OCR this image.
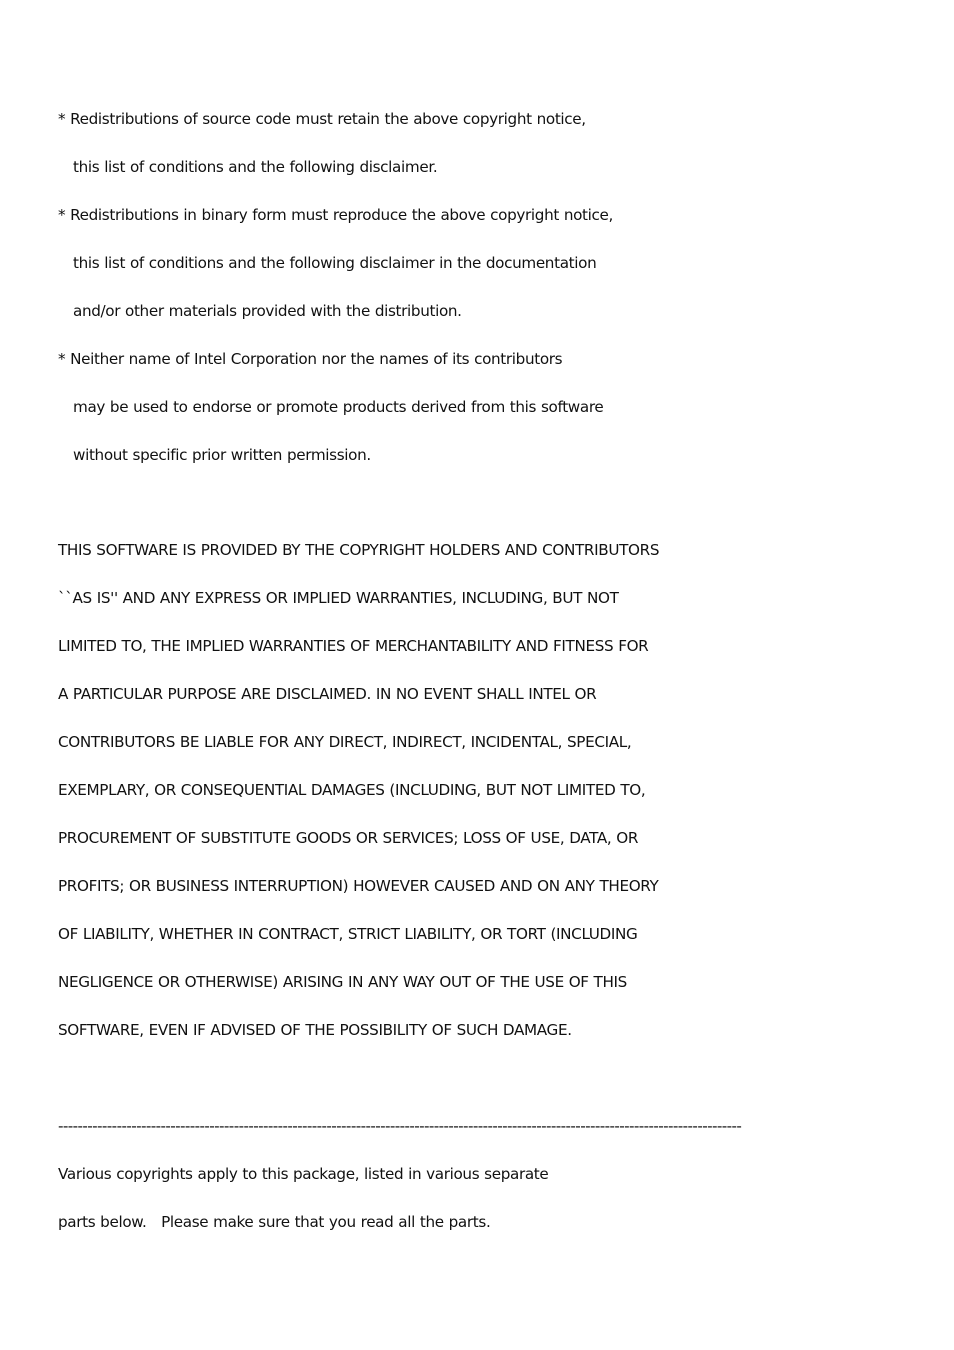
* Redistributions of source code must retain the above copyright notice,
this list of conditions and the following disclaimer.
* Redistributions in binary form must reproduce the above copyright notice,
this list of conditions and the following disclaimer in the documentation
and/or other materials provided with the distribution.
* Neither name of Intel Corporation nor the names of its contributors
may be used to endorse or promote products derived from this software
without specific prior written permission.
THIS SOFTWARE IS PROVIDED BY THE COPYRIGHT HOLDERS AND CONTRIBUTORS
``AS IS'' AND ANY EXPRESS OR IMPLIED WARRANTIES, INCLUDING, BUT NOT
LIMITED TO, THE IMPLIED WARRANTIES OF MERCHANTABILITY AND FITNESS FOR
A PARTICULAR PURPOSE ARE DISCLAIMED. IN NO EVENT SHALL INTEL OR
CONTRIBUTORS BE LIABLE FOR ANY DIRECT, INDIRECT, INCIDENTAL, SPECIAL,
EXEMPLARY, OR CONSEQUENTIAL DAMAGES (INCLUDING, BUT NOT LIMITED TO,
PROCUREMENT OF SUBSTITUTE GOODS OR SERVICES; LOSS OF USE, DATA, OR
PROFITS; OR BUSINESS INTERRUPTION) HOWEVER CAUSED AND ON ANY THEORY
OF LIABILITY, WHETHER IN CONTRACT, STRICT LIABILITY, OR TORT (INCLUDING
NEGLIGENCE OR OTHERWISE) ARISING IN ANY WAY OUT OF THE USE OF THIS
SOFTWARE, EVEN IF ADVISED OF THE POSSIBILITY OF SUCH DAMAGE.
--------------------------------------------------------------------------------------------------------------------------------------------
Various copyrights apply to this package, listed in various separate
parts below.   Please make sure that you read all the parts.
